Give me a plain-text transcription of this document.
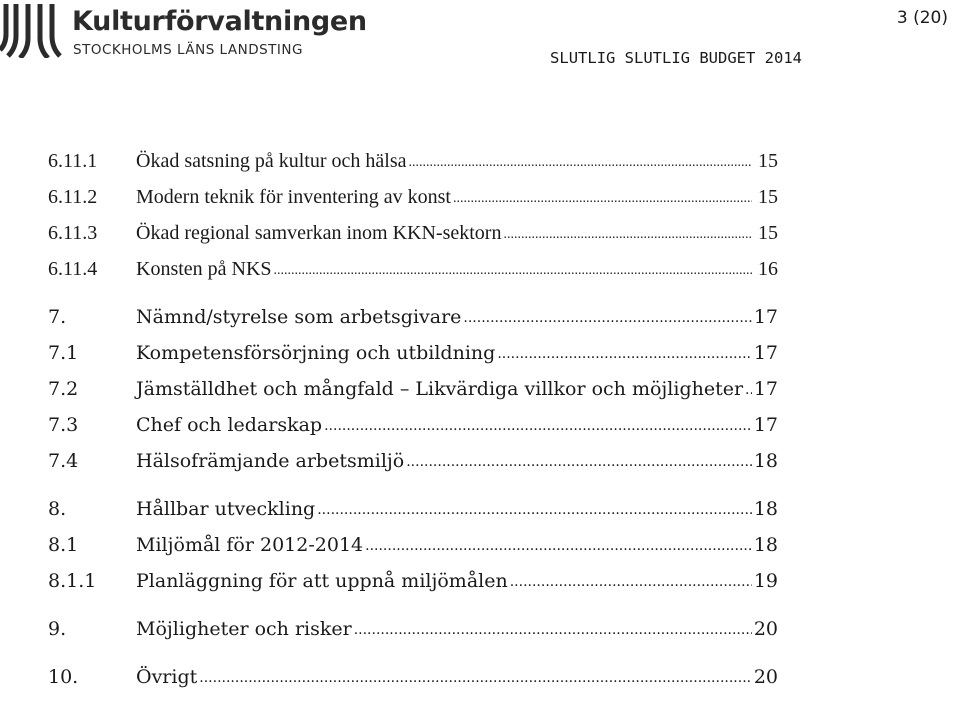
Kulturförvaltningen
STOCKHOLMS LÄNS LANDSTING
3 (20)
SLUTLIG SLUTLIG BUDGET 2014
6.11.1	Ökad satsning på kultur och hälsa .....	15
6.11.2	Modern teknik för inventering av konst .....	15
6.11.3	Ökad regional samverkan inom KKN-sektorn .....	15
6.11.4	Konsten på NKS .....	16
7.	Nämnd/styrelse som arbetsgivare .....	17
7.1	Kompetensförsörjning och utbildning .....	17
7.2	Jämställdhet och mångfald – Likvärdiga villkor och möjligheter ..... 17
7.3	Chef och ledarskap .....	17
7.4	Hälsofrämjande arbetsmiljö .....	18
8.	Hållbar utveckling .....	18
8.1	Miljömål för 2012-2014 .....	18
8.1.1	Planläggning för att uppnå miljömålen .....	19
9.	Möjligheter och risker .....	20
10.	Övrigt .....	20
